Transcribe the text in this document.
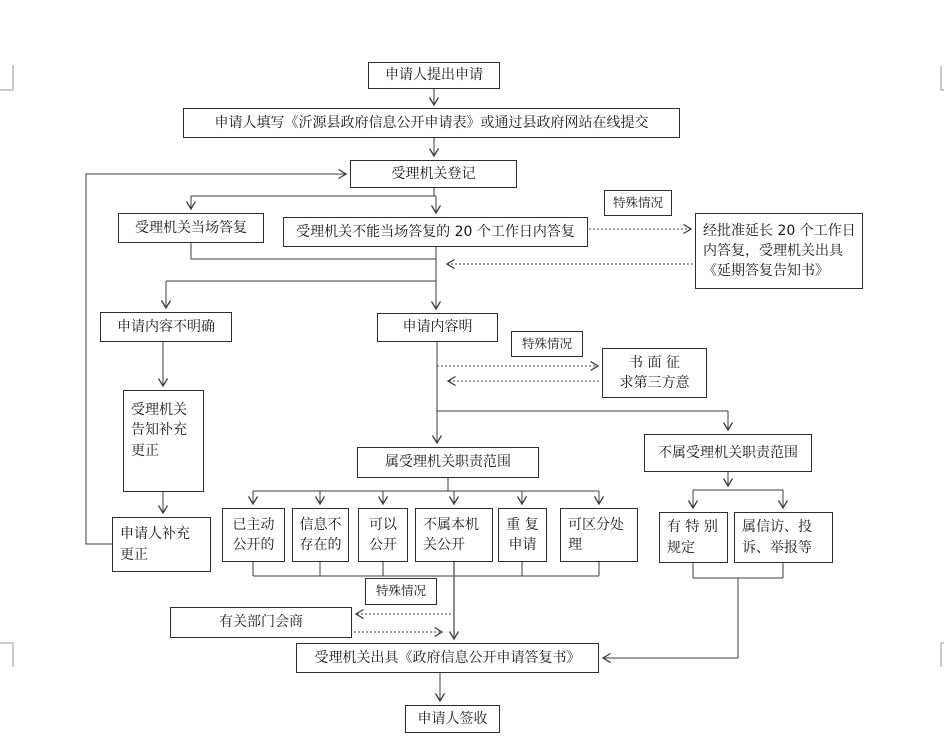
申请人提出申请
申请人填写《沂源县政府信息公开申请表》或通过县政府网站在线提交
受理机关登记
受理机关当场答复	受理机关不能当场答复的 20 个工作日内答复
特殊情况
经批准延长 20 个工作日
内答复，受理机关出具
《延期答复告知书》
申请内容不明确	申请内容明
特殊情况
书 面 征
求第三方意
受理机关
告知补充
更正
申请人补充
更正
属受理机关职责范围
不属受理机关职责范围
已主动
公开的
信息不
存在的
可以
公开
不属本机
关公开
重 复
申请
可区分处
理
有 特 别
规定
属信访、投
诉、举报等
特殊情况
有关部门会商
受理机关出具《政府信息公开申请答复书》
申请人签收
